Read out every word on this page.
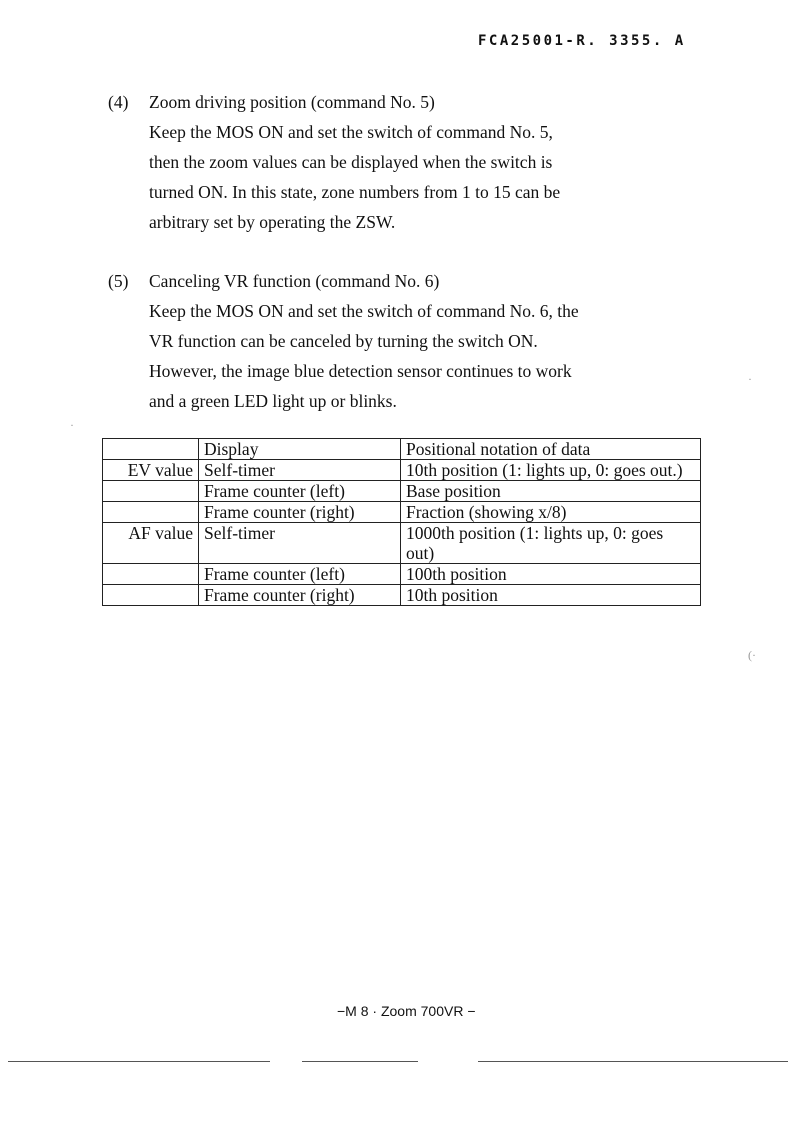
FCA25001-R. 3355. A
(4) Zoom driving position (command No. 5)
Keep the MOS ON and set the switch of command No. 5,
then the zoom values can be displayed when the switch is
turned ON. In this state, zone numbers from 1 to 15 can be
arbitrary set by operating the ZSW.
(5) Canceling VR function (command No. 6)
Keep the MOS ON and set the switch of command No. 6, the
VR function can be canceled by turning the switch ON.
However, the image blue detection sensor continues to work
and a green LED light up or blinks.
	Display	Positional notation of data
EV value	Self-timer	10th position (1: lights up, 0: goes out.)
	Frame counter (left)	Base position
	Frame counter (right)	Fraction (showing x/8)
AF value	Self-timer	1000th position (1: lights up, 0: goes out)
	Frame counter (left)	100th position
	Frame counter (right)	10th position
−M 8 · Zoom 700VR −
·
(·
·
